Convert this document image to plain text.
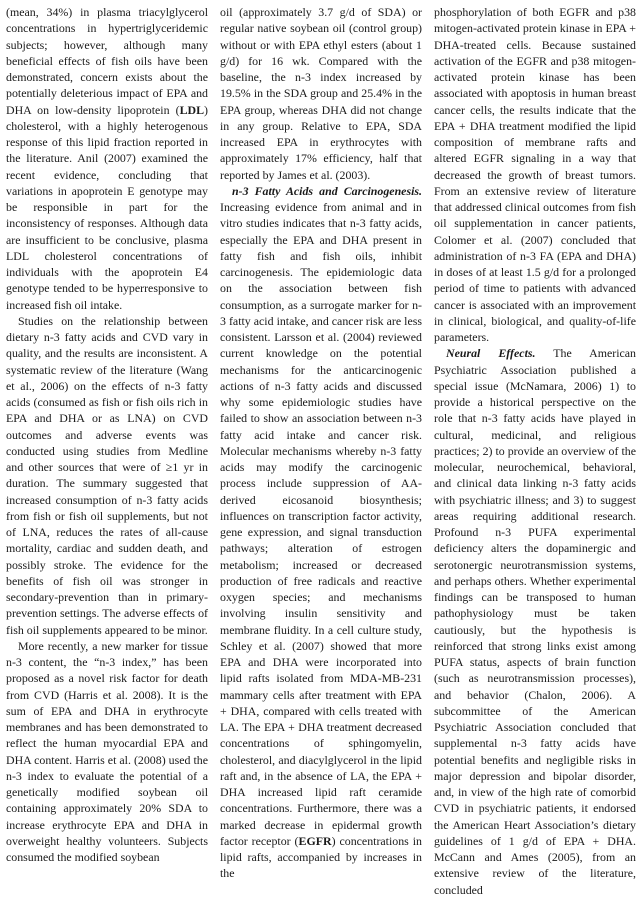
(mean, 34%) in plasma triacylglycerol concentrations in hypertriglyceridemic subjects; however, although many beneficial effects of fish oils have been demonstrated, concern exists about the potentially deleterious impact of EPA and DHA on low-density lipoprotein (LDL) cholesterol, with a highly heterogenous response of this lipid fraction reported in the literature. Anil (2007) examined the recent evidence, concluding that variations in apoprotein E genotype may be responsible in part for the inconsistency of responses. Although data are insufficient to be conclusive, plasma LDL cholesterol concentrations of individuals with the apoprotein E4 genotype tended to be hyperresponsive to increased fish oil intake.

Studies on the relationship between dietary n-3 fatty acids and CVD vary in quality, and the results are inconsistent. A systematic review of the literature (Wang et al., 2006) on the effects of n-3 fatty acids (consumed as fish or fish oils rich in EPA and DHA or as LNA) on CVD outcomes and adverse events was conducted using studies from Medline and other sources that were of ≥1 yr in duration. The summary suggested that increased consumption of n-3 fatty acids from fish or fish oil supplements, but not of LNA, reduces the rates of all-cause mortality, cardiac and sudden death, and possibly stroke. The evidence for the benefits of fish oil was stronger in secondary-prevention than in primary-prevention settings. The adverse effects of fish oil supplements appeared to be minor.

More recently, a new marker for tissue n-3 content, the “n-3 index,” has been proposed as a novel risk factor for death from CVD (Harris et al. 2008). It is the sum of EPA and DHA in erythrocyte membranes and has been demonstrated to reflect the human myocardial EPA and DHA content. Harris et al. (2008) used the n-3 index to evaluate the potential of a genetically modified soybean oil containing approximately 20% SDA to increase erythrocyte EPA and DHA in overweight healthy volunteers. Subjects consumed the modified soybean

oil (approximately 3.7 g/d of SDA) or regular native soybean oil (control group) without or with EPA ethyl esters (about 1 g/d) for 16 wk. Compared with the baseline, the n-3 index increased by 19.5% in the SDA group and 25.4% in the EPA group, whereas DHA did not change in any group. Relative to EPA, SDA increased EPA in erythrocytes with approximately 17% efficiency, half that reported by James et al. (2003).

n-3 Fatty Acids and Carcinogenesis. Increasing evidence from animal and in vitro studies indicates that n-3 fatty acids, especially the EPA and DHA present in fatty fish and fish oils, inhibit carcinogenesis. The epidemiologic data on the association between fish consumption, as a surrogate marker for n-3 fatty acid intake, and cancer risk are less consistent. Larsson et al. (2004) reviewed current knowledge on the potential mechanisms for the anticarcinogenic actions of n-3 fatty acids and discussed why some epidemiologic studies have failed to show an association between n-3 fatty acid intake and cancer risk. Molecular mechanisms whereby n-3 fatty acids may modify the carcinogenic process include suppression of AA-derived eicosanoid biosynthesis; influences on transcription factor activity, gene expression, and signal transduction pathways; alteration of estrogen metabolism; increased or decreased production of free radicals and reactive oxygen species; and mechanisms involving insulin sensitivity and membrane fluidity. In a cell culture study, Schley et al. (2007) showed that more EPA and DHA were incorporated into lipid rafts isolated from MDA-MB-231 mammary cells after treatment with EPA + DHA, compared with cells treated with LA. The EPA + DHA treatment decreased concentrations of sphingomyelin, cholesterol, and diacylglycerol in the lipid raft and, in the absence of LA, the EPA + DHA increased lipid raft ceramide concentrations. Furthermore, there was a marked decrease in epidermal growth factor receptor (EGFR) concentrations in lipid rafts, accompanied by increases in the

phosphorylation of both EGFR and p38 mitogen-activated protein kinase in EPA + DHA-treated cells. Because sustained activation of the EGFR and p38 mitogen-activated protein kinase has been associated with apoptosis in human breast cancer cells, the results indicate that the EPA + DHA treatment modified the lipid composition of membrane rafts and altered EGFR signaling in a way that decreased the growth of breast tumors. From an extensive review of literature that addressed clinical outcomes from fish oil supplementation in cancer patients, Colomer et al. (2007) concluded that administration of n-3 FA (EPA and DHA) in doses of at least 1.5 g/d for a prolonged period of time to patients with advanced cancer is associated with an improvement in clinical, biological, and quality-of-life parameters.

Neural Effects. The American Psychiatric Association published a special issue (McNamara, 2006) 1) to provide a historical perspective on the role that n-3 fatty acids have played in cultural, medicinal, and religious practices; 2) to provide an overview of the molecular, neurochemical, behavioral, and clinical data linking n-3 fatty acids with psychiatric illness; and 3) to suggest areas requiring additional research. Profound n-3 PUFA experimental deficiency alters the dopaminergic and serotonergic neurotransmission systems, and perhaps others. Whether experimental findings can be transposed to human pathophysiology must be taken cautiously, but the hypothesis is reinforced that strong links exist among PUFA status, aspects of brain function (such as neurotransmission processes), and behavior (Chalon, 2006). A subcommittee of the American Psychiatric Association concluded that supplemental n-3 fatty acids have potential benefits and negligible risks in major depression and bipolar disorder, and, in view of the high rate of comorbid CVD in psychiatric patients, it endorsed the American Heart Association’s dietary guidelines of 1 g/d of EPA + DHA. McCann and Ames (2005), from an extensive review of the literature, concluded
